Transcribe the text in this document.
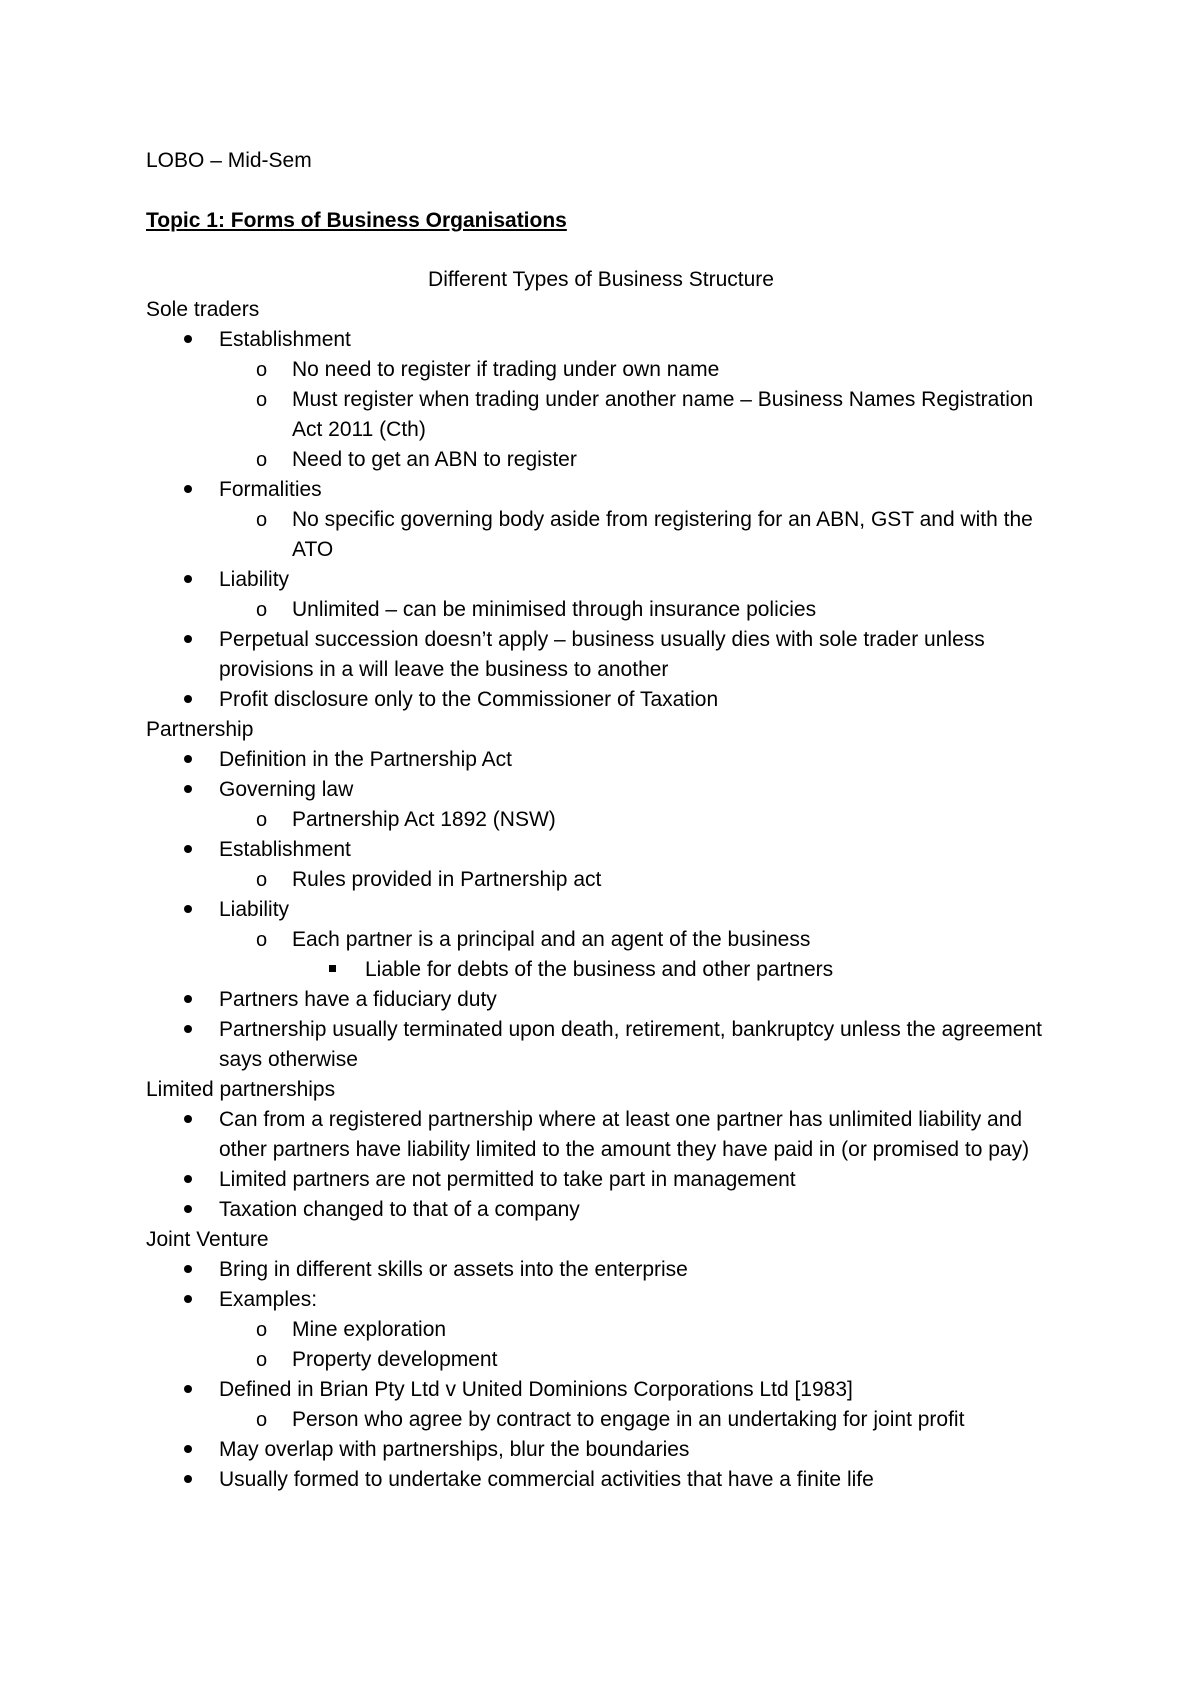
LOBO – Mid-Sem
Topic 1: Forms of Business Organisations
Different Types of Business Structure
Sole traders
Establishment
o No need to register if trading under own name
o Must register when trading under another name – Business Names Registration Act 2011 (Cth)
o Need to get an ABN to register
Formalities
o No specific governing body aside from registering for an ABN, GST and with the ATO
Liability
o Unlimited – can be minimised through insurance policies
Perpetual succession doesn’t apply – business usually dies with sole trader unless provisions in a will leave the business to another
Profit disclosure only to the Commissioner of Taxation
Partnership
Definition in the Partnership Act
Governing law
o Partnership Act 1892 (NSW)
Establishment
o Rules provided in Partnership act
Liability
o Each partner is a principal and an agent of the business
Liable for debts of the business and other partners
Partners have a fiduciary duty
Partnership usually terminated upon death, retirement, bankruptcy unless the agreement says otherwise
Limited partnerships
Can from a registered partnership where at least one partner has unlimited liability and other partners have liability limited to the amount they have paid in (or promised to pay)
Limited partners are not permitted to take part in management
Taxation changed to that of a company
Joint Venture
Bring in different skills or assets into the enterprise
Examples:
o Mine exploration
o Property development
Defined in Brian Pty Ltd v United Dominions Corporations Ltd [1983]
o Person who agree by contract to engage in an undertaking for joint profit
May overlap with partnerships, blur the boundaries
Usually formed to undertake commercial activities that have a finite life
